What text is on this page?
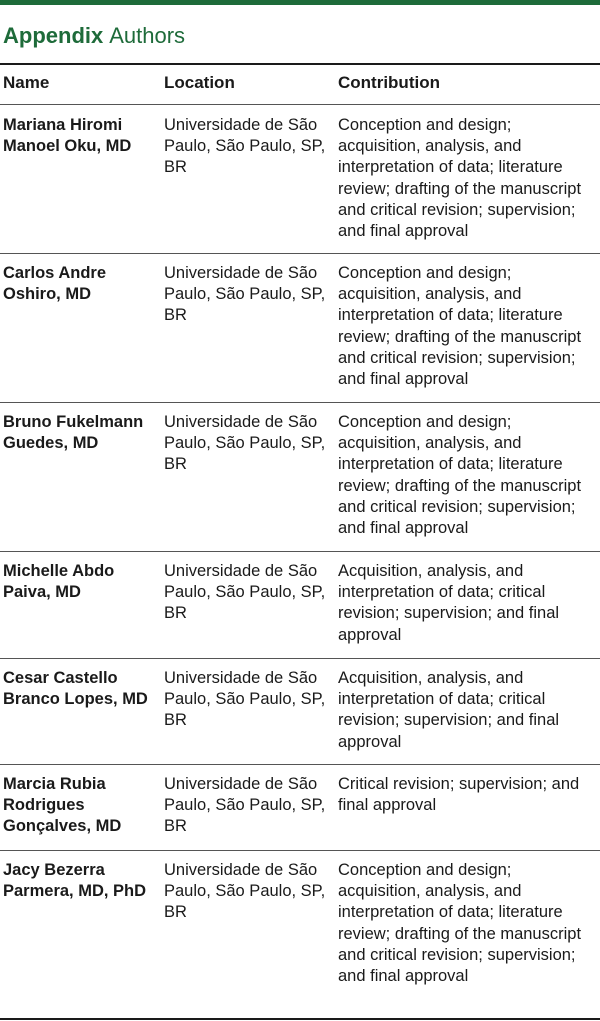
Appendix Authors
Name	Location	Contribution
Mariana Hiromi Manoel Oku, MD
Universidade de São Paulo, São Paulo, SP, BR
Conception and design; acquisition, analysis, and interpretation of data; literature review; drafting of the manuscript and critical revision; supervision; and final approval
Carlos Andre Oshiro, MD
Universidade de São Paulo, São Paulo, SP, BR
Conception and design; acquisition, analysis, and interpretation of data; literature review; drafting of the manuscript and critical revision; supervision; and final approval
Bruno Fukelmann Guedes, MD
Universidade de São Paulo, São Paulo, SP, BR
Conception and design; acquisition, analysis, and interpretation of data; literature review; drafting of the manuscript and critical revision; supervision; and final approval
Michelle Abdo Paiva, MD
Universidade de São Paulo, São Paulo, SP, BR
Acquisition, analysis, and interpretation of data; critical revision; supervision; and final approval
Cesar Castello Branco Lopes, MD
Universidade de São Paulo, São Paulo, SP, BR
Acquisition, analysis, and interpretation of data; critical revision; supervision; and final approval
Marcia Rubia Rodrigues Gonçalves, MD
Universidade de São Paulo, São Paulo, SP, BR
Critical revision; supervision; and final approval
Jacy Bezerra Parmera, MD, PhD
Universidade de São Paulo, São Paulo, SP, BR
Conception and design; acquisition, analysis, and interpretation of data; literature review; drafting of the manuscript and critical revision; supervision; and final approval
